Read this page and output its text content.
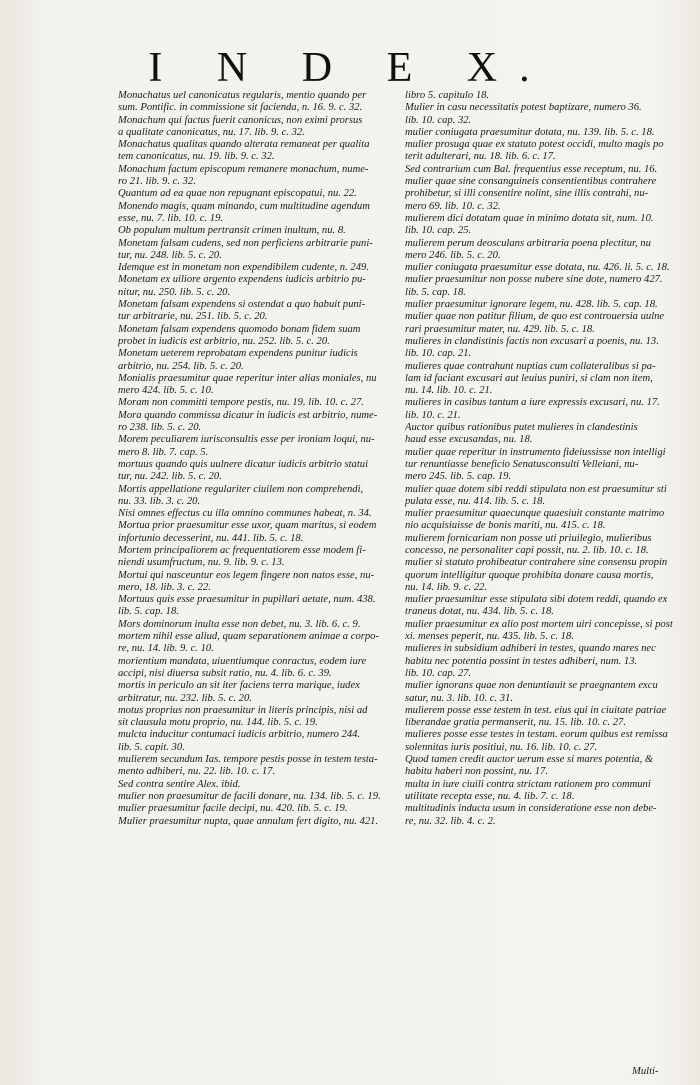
I N D E X.
Monachatus uel canonicatus regularis, mentio quando per
sum. Pontific. in commissione sit facienda, n. 16. 9. c. 32.
Monachum qui factus fuerit canonicus, non eximi prorsus
a qualitate canonicatus, nu. 17. lib. 9. c. 32.
Monachatus qualitas quando alterata remaneat per qualita
tem canonicatus, nu. 19. lib. 9. c. 32.
Monachum factum episcopum remanere monachum, nume-
ro 21. lib. 9. c. 32.
Quantum ad ea quae non repugnant episcopatui, nu. 22.
Monendo magis, quam minando, cum multitudine agendum
esse, nu. 7. lib. 10. c. 19.
Ob populum multum pertransit crimen inultum, nu. 8.
Monetam falsam cudens, sed non perficiens arbitrarie puni-
tur, nu. 248. lib. 5. c. 20.
Idemque est in monetam non expendibilem cudente, n. 249.
Monetam ex uiliore argento expendens iudicis arbitrio pu-
nitur, nu. 250. lib. 5. c. 20.
Monetam falsam expendens si ostendat a quo habuit puni-
tur arbitrarie, nu. 251. lib. 5. c. 20.
Monetam falsam expendens quomodo bonam fidem suam
probet in iudicis est arbitrio, nu. 252. lib. 5. c. 20.
Monetam ueterem reprobatam expendens punitur iudicis
arbitrio, nu. 254. lib. 5. c. 20.
Monialis praesumitur quae reperitur inter alias moniales, nu
mero 424. lib. 5. c. 10.
Moram non committi tempore pestis, nu. 19. lib. 10. c. 27.
Mora quando commissa dicatur in iudicis est arbitrio, nume-
ro 238. lib. 5. c. 20.
Morem peculiarem iurisconsultis esse per ironiam loqui, nu-
mero 8. lib. 7. cap. 5.
mortuus quando quis uulnere dicatur iudicis arbitrio statui
tur, nu. 242. lib. 5. c. 20.
Mortis appellatione regulariter ciuilem non comprehendi,
nu. 33. lib. 3. c. 20.
Nisi omnes effectus cu illa omnino communes habeat, n. 34.
Mortua prior praesumitur esse uxor, quam maritus, si eodem
infortunio decesserint, nu. 441. lib. 5. c. 18.
Mortem principaliorem ac frequentatiorem esse modem fi-
niendi usumfructum, nu. 9. lib. 9. c. 13.
Mortui qui nasceuntur eos legem fingere non natos esse, nu-
mero, 18. lib. 3. c. 22.
Mortuus quis esse praesumitur in pupillari aetate, num. 438.
lib. 5. cap. 18.
Mors dominorum inulta esse non debet, nu. 3. lib. 6. c. 9.
mortem nihil esse aliud, quam separationem animae a corpo-
re, nu. 14. lib. 9. c. 10.
morientium mandata, uiuentiumque conractus, eodem iure
accipi, nisi diuersa subsit ratio, nu. 4. lib. 6. c. 39.
mortis in periculo an sit iter faciens terra marique, iudex
arbitratur, nu. 232. lib. 5. c. 20.
motus proprius non praesumitur in literis principis, nisi ad
sit clausula motu proprio, nu. 144. lib. 5. c. 19.
mulcta inducitur contumaci iudicis arbitrio, numero 244.
lib. 5. capit. 30.
mulierem secundum Ias. tempore pestis posse in testem testa-
mento adhiberi, nu. 22. lib. 10. c. 17.
Sed contra sentire Alex. ibid.
mulier non praesumitur de facili donare, nu. 134. lib. 5. c. 19.
mulier praesumitur facile decipi, nu. 420. lib. 5. c. 19.
Mulier praesumitur nupta, quae annulum fert digito, nu. 421.
libro 5. capitulo 18.
Mulier in casu necessitatis potest baptizare, numero 36.
lib. 10. cap. 32.
mulier coniugata praesumitur dotata, nu. 139. lib. 5. c. 18.
mulier prosuga quae ex statuto potest occidi, multo magis po
terit adulterari, nu. 18. lib. 6. c. 17.
Sed contrarium cum Bal. frequentius esse receptum, nu. 16.
mulier quae sine consanguineis consentientibus contrahere
prohibetur, si illi consentire nolint, sine illis contrahi, nu-
mero 69. lib. 10. c. 32.
mulierem dici dotatam quae in minimo dotata sit, num. 10.
lib. 10. cap. 25.
mulierem perum deosculans arbitraria poena plectitur, nu
mero 246. lib. 5. c. 20.
mulier coniugata praesumitur esse dotata, nu. 426. li. 5. c. 18.
mulier praesumitur non posse nubere sine dote, numero 427.
lib. 5. cap. 18.
mulier praesumitur ignorare legem, nu. 428. lib. 5. cap. 18.
mulier quae non patitur filium, de quo est controuersia uulne
rari praesumitur mater, nu. 429. lib. 5. c. 18.
mulieres in clandistinis factis non excusari a poenis, nu. 13.
lib. 10. cap. 21.
mulieres quae contrahunt nuptias cum collateralibus si pa-
lam id faciant excusari aut leuius puniri, si clam non item,
nu. 14. lib. 10. c. 21.
mulieres in casibus tantum a iure expressis excusari, nu. 17.
lib. 10. c. 21.
Auctor quibus rationibus putet mulieres in clandestinis
haud esse excusandas, nu. 18.
mulier quae reperitur in instrumento fideiussisse non intelligi
tur renuntiasse beneficio Senatusconsulti Velleiani, nu-
mero 245. lib. 5. cap. 19.
mulier quae dotem sibi reddi stipulata non est praesumitur sti
pulata esse, nu. 414. lib. 5. c. 18.
mulier praesumitur quaecunque quaesiuit constante matrimo
nio acquisiuisse de bonis mariti, nu. 415. c. 18.
mulierem fornicariam non posse uti priuilegio, mulieribus
concesso, ne personaliter capi possit, nu. 2. lib. 10. c. 18.
mulier si statuto prohibeatur contrahere sine consensu propin
quorum intelligitur quoque prohibita donare causa mortis,
nu. 14. lib. 9. c. 22.
mulier praesumitur esse stipulata sibi dotem reddi, quando ex
traneus dotat, nu. 434. lib. 5. c. 18.
mulier praesumitur ex alio post mortem uiri concepisse, si post
xi. menses peperit, nu. 435. lib. 5. c. 18.
mulieres in subsidium adhiberi in testes, quando mares nec
habitu nec potentia possint in testes adhiberi, num. 13.
lib. 10. cap. 27.
mulier ignorans quae non denuntiauit se praegnantem excu
satur, nu. 3. lib. 10. c. 31.
mulierem posse esse testem in test. eius qui in ciuitate patriae
liberandae gratia permanserit, nu. 15. lib. 10. c. 27.
mulieres posse esse testes in testam. eorum quibus est remissa
solennitas iuris positiui, nu. 16. lib. 10. c. 27.
Quod tamen credit auctor uerum esse si mares potentia, &
habitu haberi non possint, nu. 17.
multa in iure ciuili contra strictam rationem pro communi
utilitate recepta esse, nu. 4. lib. 7. c. 18.
multitudinis inducta usum in consideratione esse non debe-
re, nu. 32. lib. 4. c. 2.
Multi-
